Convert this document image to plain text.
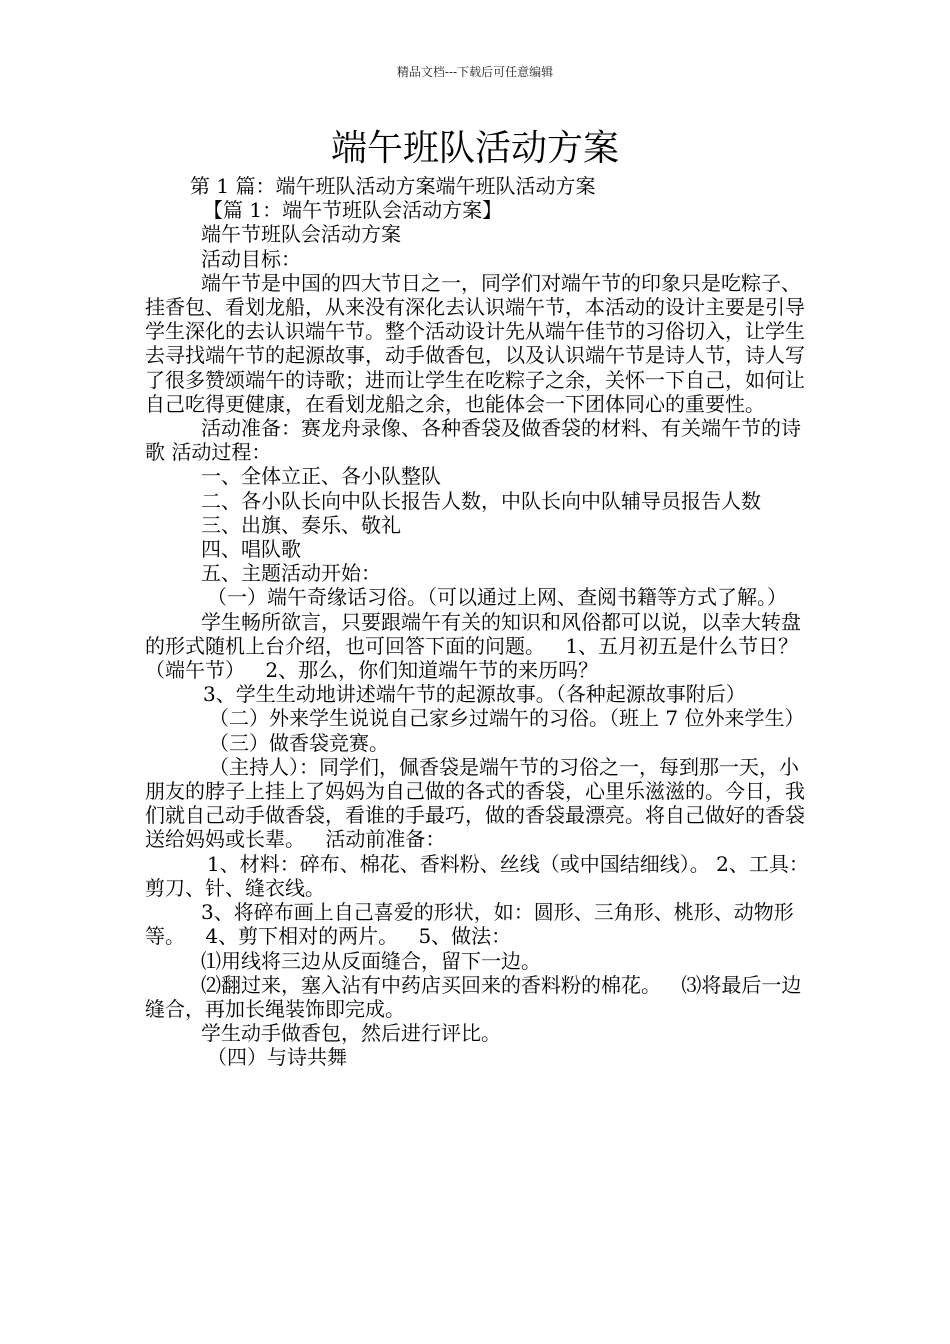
精品文档---下载后可任意编辑
端午班队活动方案

第 1 篇：端午班队活动方案端午班队活动方案

【篇 1：端午节班队会活动方案】

端午节班队会活动方案

活动目标：

端午节是中国的四大节日之一，同学们对端午节的印象只是吃粽子、挂香包、看划龙船，从来没有深化去认识端午节，本活动的设计主要是引导学生深化的去认识端午节。整个活动设计先从端午佳节的习俗切入，让学生去寻找端午节的起源故事，动手做香包，以及认识端午节是诗人节，诗人写了很多赞颂端午的诗歌；进而让学生在吃粽子之余，关怀一下自己，如何让自己吃得更健康，在看划龙船之余，也能体会一下团体同心的重要性。

活动准备：赛龙舟录像、各种香袋及做香袋的材料、有关端午节的诗歌 活动过程：

一、全体立正、各小队整队

二、各小队长向中队长报告人数，中队长向中队辅导员报告人数

三、出旗、奏乐、敬礼

四、唱队歌

五、主题活动开始：

（一）端午奇缘话习俗。（可以通过上网、查阅书籍等方式了解。）

学生畅所欲言，只要跟端午有关的知识和风俗都可以说，以幸大转盘的形式随机上台介绍，也可回答下面的问题。 1、五月初五是什么节日？（端午节） 2、那么，你们知道端午节的来历吗？

3、学生生动地讲述端午节的起源故事。（各种起源故事附后）

（二）外来学生说说自己家乡过端午的习俗。（班上 7 位外来学生）

（三）做香袋竞赛。

（主持人）：同学们，佩香袋是端午节的习俗之一，每到那一天，小朋友的脖子上挂上了妈妈为自己做的各式的香袋，心里乐滋滋的。今日，我们就自己动手做香袋，看谁的手最巧，做的香袋最漂亮。将自己做好的香袋送给妈妈或长辈。 活动前准备：

1、材料：碎布、棉花、香料粉、丝线（或中国结细线）。 2、工具：剪刀、针、缝衣线。

3、将碎布画上自己喜爱的形状，如：圆形、三角形、桃形、动物形等。 4、剪下相对的两片。 5、做法：

⑴用线将三边从反面缝合，留下一边。

⑵翻过来，塞入沾有中药店买回来的香料粉的棉花。 ⑶将最后一边缝合，再加长绳装饰即完成。

学生动手做香包，然后进行评比。

（四）与诗共舞
